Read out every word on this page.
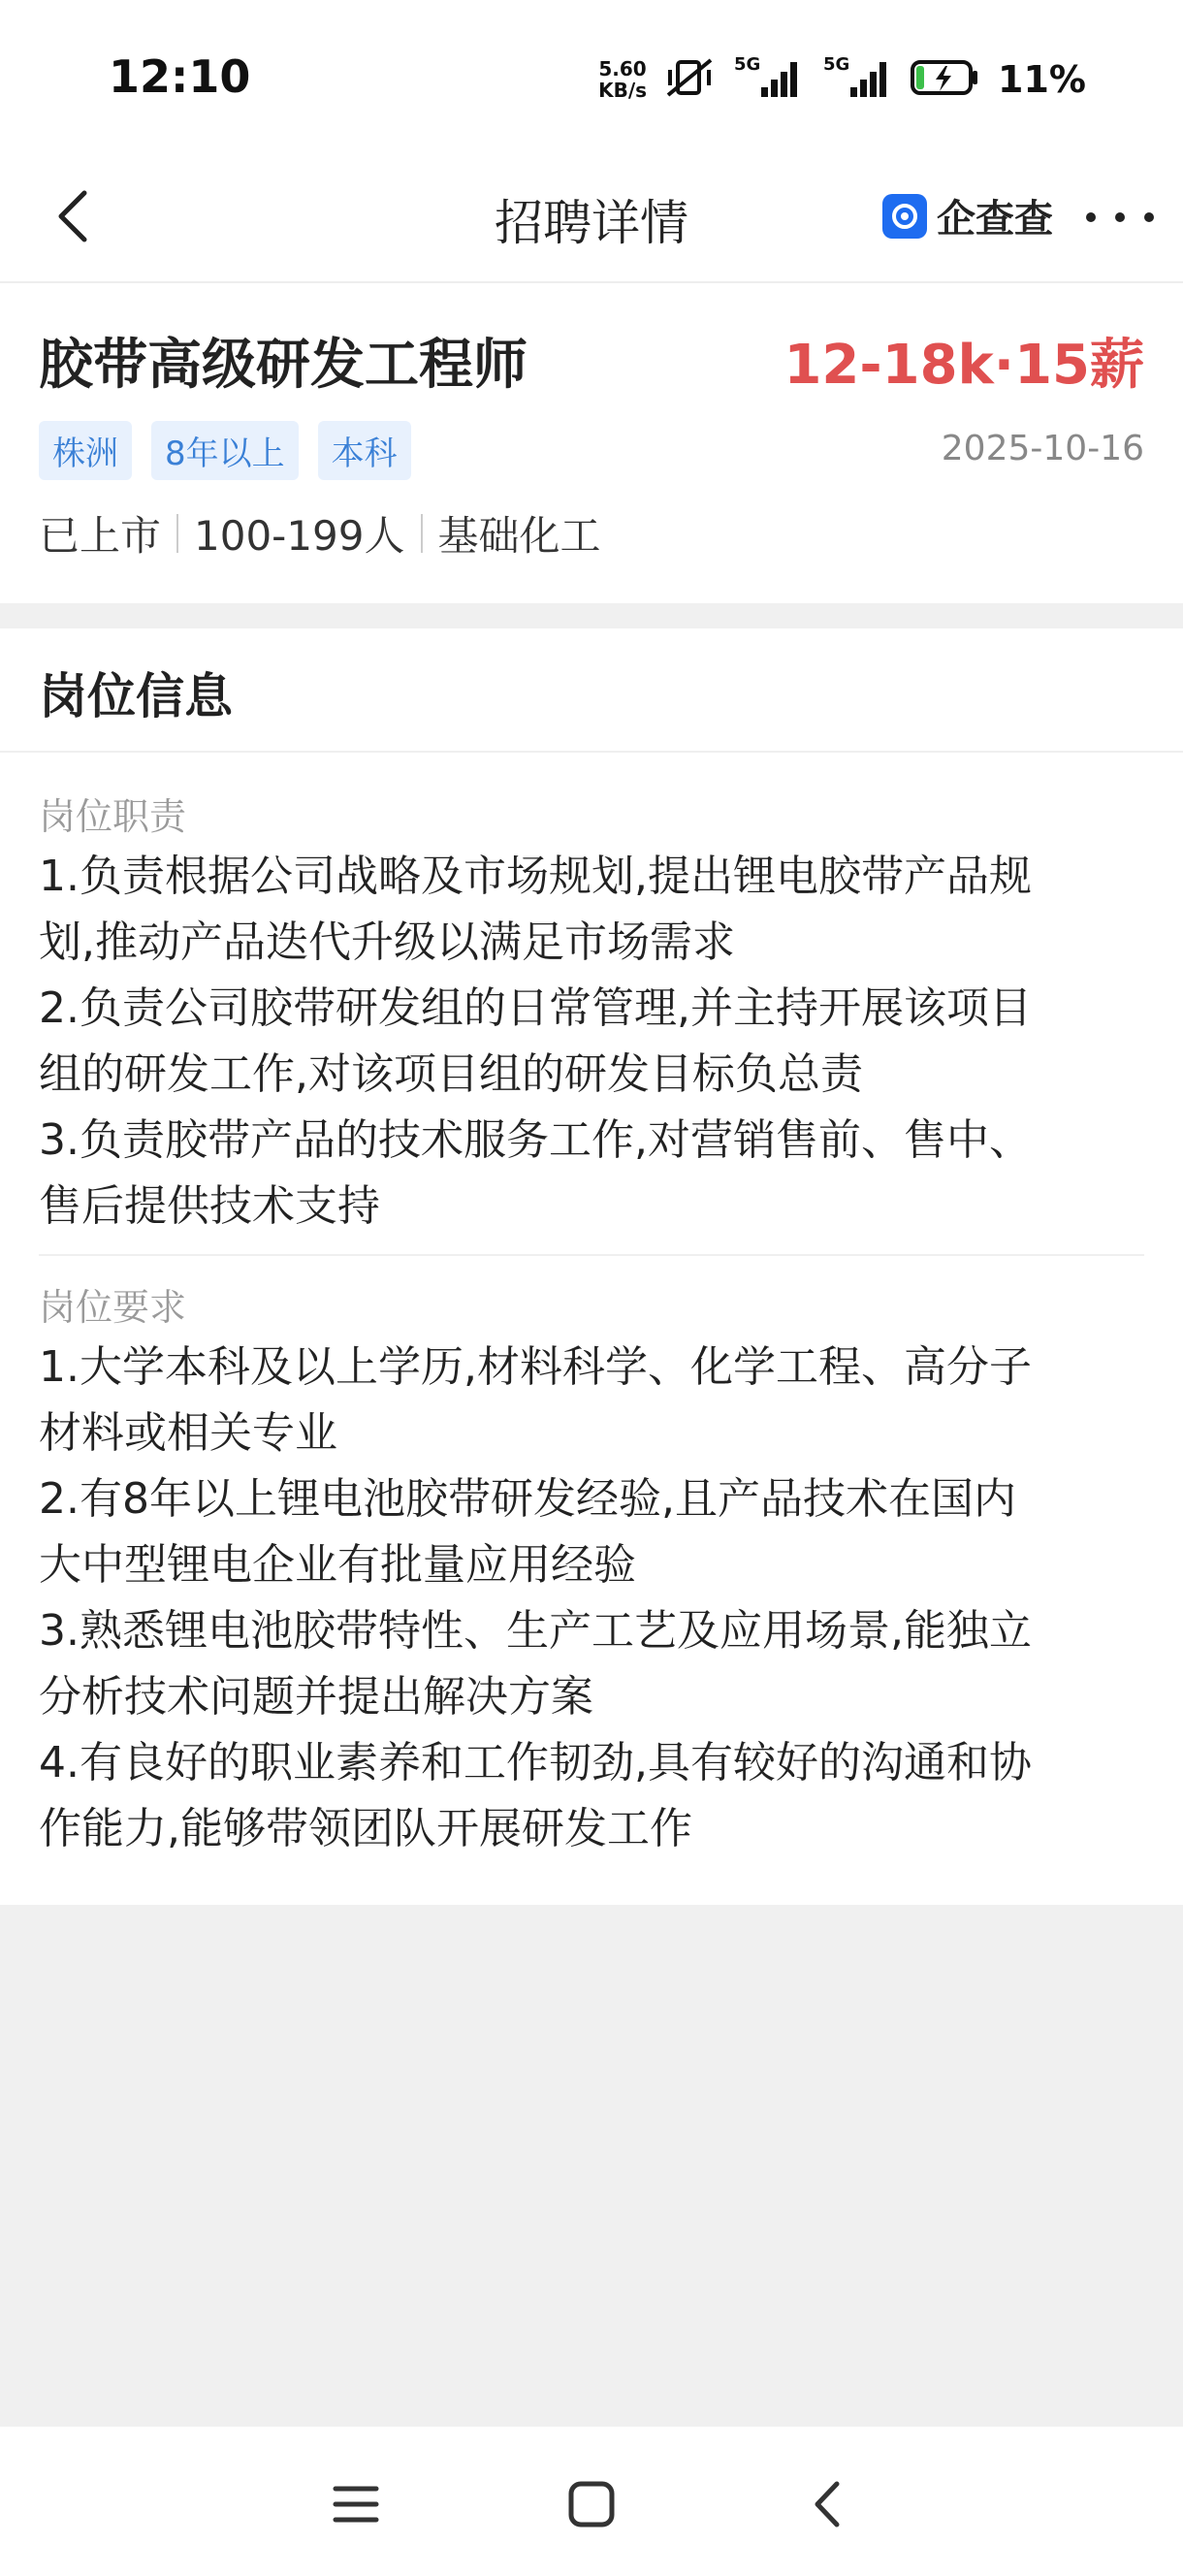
12:10	5.60
KB/s
5G	5G	11%
招聘详情	企查查
胶带高级研发工程师	12-18k·15薪
株洲	8年以上	本科	2025-10-16
已上市 100-199人 基础化工
岗位信息
岗位职责
1.负责根据公司战略及市场规划,提出锂电胶带产品规
划,推动产品迭代升级以满足市场需求
2.负责公司胶带研发组的日常管理,并主持开展该项目
组的研发工作,对该项目组的研发目标负总责
3.负责胶带产品的技术服务工作,对营销售前、售中、
售后提供技术支持
岗位要求
1.大学本科及以上学历,材料科学、化学工程、高分子
材料或相关专业
2.有8年以上锂电池胶带研发经验,且产品技术在国内
大中型锂电企业有批量应用经验
3.熟悉锂电池胶带特性、生产工艺及应用场景,能独立
分析技术问题并提出解决方案
4.有良好的职业素养和工作韧劲,具有较好的沟通和协
作能力,能够带领团队开展研发工作
